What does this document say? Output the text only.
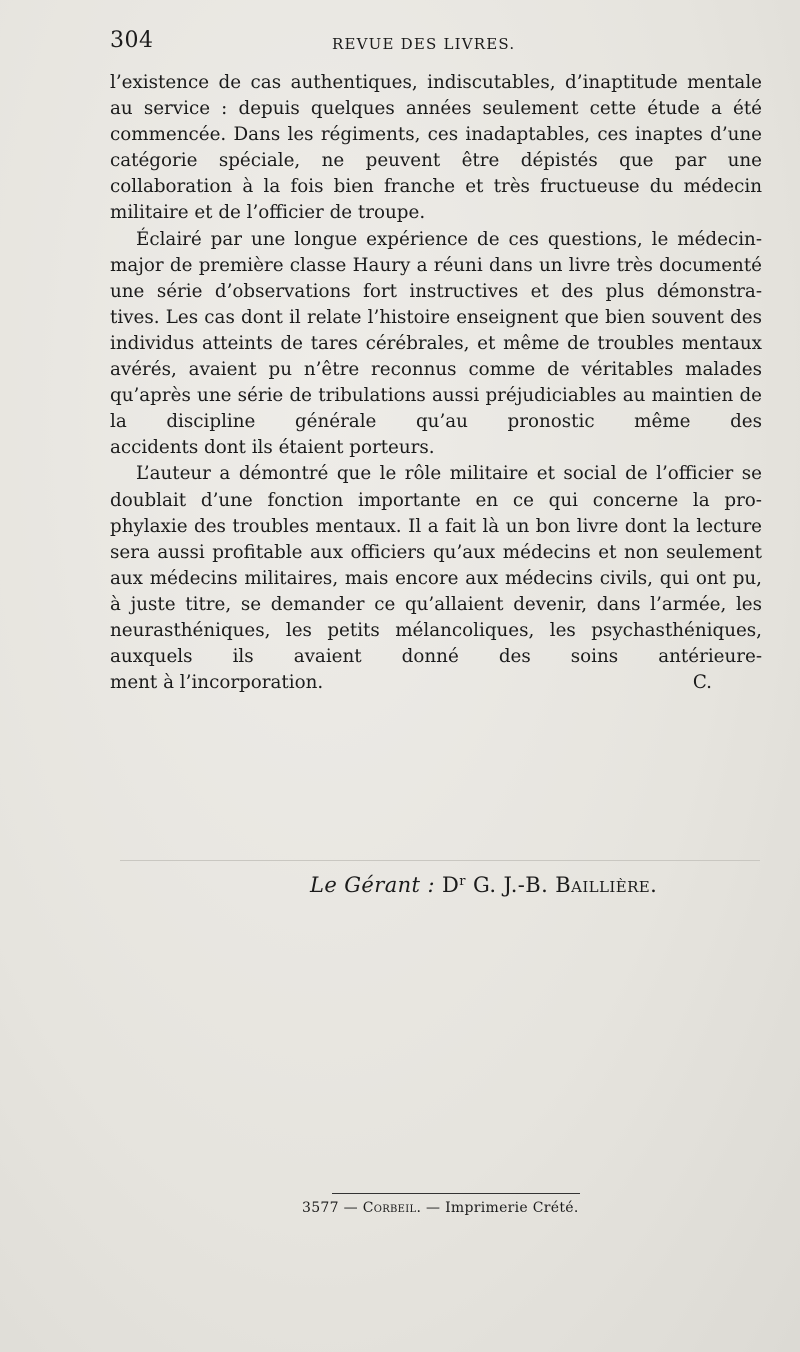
304	REVUE DES LIVRES.

l’existence de cas authentiques, indiscutables, d’inaptitude mentale au service : depuis quelques années seulement cette étude a été commencée. Dans les régiments, ces inadaptables, ces inaptes d’une catégorie spéciale, ne peuvent être dépistés que par une collaboration à la fois bien franche et très fructueuse du médecin
militaire et de l’officier de troupe.

Éclairé par une longue expérience de ces questions, le médecin- major de première classe Haury a réuni dans un livre très documenté une série d’observations fort instructives et des plus démonstra- tives. Les cas dont il relate l’histoire enseignent que bien souvent des individus atteints de tares cérébrales, et même de troubles mentaux avérés, avaient pu n’être reconnus comme de véritables malades qu’après une série de tribulations aussi préjudiciables au maintien de la discipline générale qu’au pronostic même des
accidents dont ils étaient porteurs.

L’auteur a démontré que le rôle militaire et social de l’officier se doublait d’une fonction importante en ce qui concerne la pro- phylaxie des troubles mentaux. Il a fait là un bon livre dont la lecture sera aussi profitable aux officiers qu’aux médecins et non seulement aux médecins militaires, mais encore aux médecins civils, qui ont pu, à juste titre, se demander ce qu’allaient devenir, dans l’armée, les neurasthéniques, les petits mélancoliques, les psychasthéniques, auxquels ils avaient donné des soins antérieure-

ment à l’incorporation.	C.
Le Gérant : $D^r$ G. J.-B. Baillière.
3577 — Corbeil. — Imprimerie Crété.
